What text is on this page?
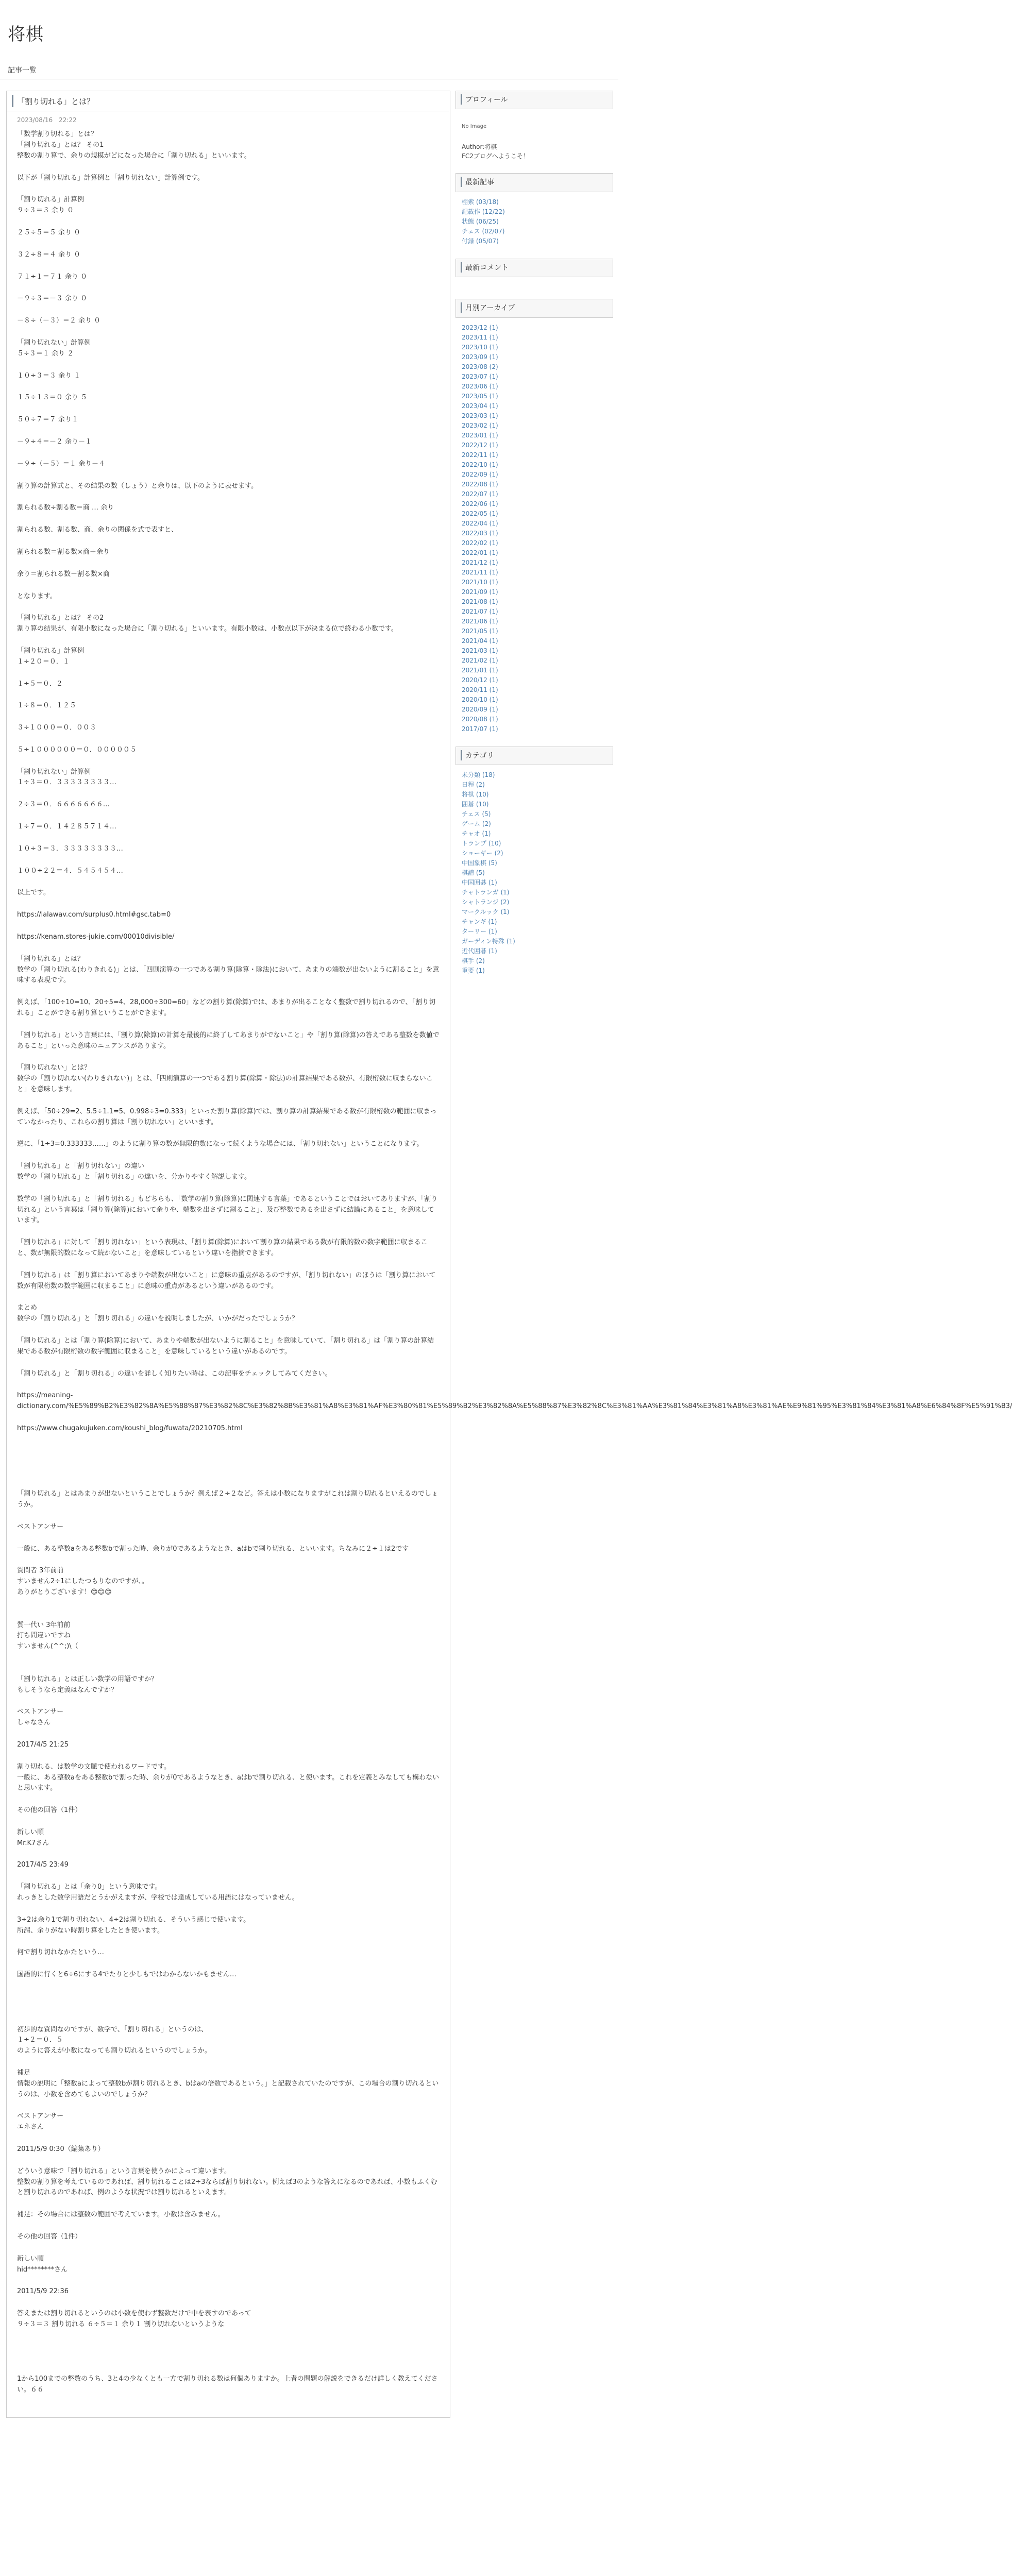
将棋
記事一覧
「割り切れる」とは？
2023/08/16　22:22

「数学割り切れる」とは？
「割り切れる」とは？ その1
整数の割り算で、余りの規模がどになった場合に「割り切れる」といいます。

以下が「割り切れる」計算例と「割り切れない」計算例です。

「割り切れる」計算例
９÷３＝３ 余り ０

２５÷５＝５ 余り ０

３２÷８＝４ 余り ０

７１÷１＝７１ 余り ０

－９÷３＝－３ 余り ０

－８÷（－３）＝２ 余り ０

「割り切れない」計算例
５÷３＝１ 余り ２

１０÷３＝３ 余り １

１５÷１３＝０ 余り ５

５０÷７＝７ 余り１

－９÷４＝－２ 余り－１

－９÷（－５）＝１ 余り－４

割り算の計算式と、その結果の数（しょう）と余りは、以下のように表せます。

割られる数÷割る数＝商 … 余り

割られる数、割る数、商、余りの関係を式で表すと、

割られる数＝割る数×商＋余り

余り＝割られる数－割る数×商

となります。

「割り切れる」とは？ その2
割り算の結果が、有限小数になった場合に「割り切れる」といいます。有限小数は、小数点以下が決まる位で終わる小数です。

「割り切れる」計算例
１÷２０＝０．１

１÷５＝０．２

１÷８＝０．１２５

３÷１０００＝０．００３

５÷１００００００＝０．０００００５

「割り切れない」計算例
１÷３＝０．３３３３３３３３…

２÷３＝０．６６６６６６６…

１÷７＝０．１４２８５７１４…

１０÷３＝３．３３３３３３３３…

１００÷２２＝４．５４５４５４…

以上です。

https://lalawav.com/surplus0.html#gsc.tab=0

https://kenam.stores-jukie.com/00010divisible/

「割り切れる」とは？
数学の「割り切れる(わりきれる)」とは、「四則演算の一つである割り算(除算・除法)において、あまりの端数が出ないように割ること」を意味する表現です。

例えば、「100÷10=10、20÷5=4、28,000÷300=60」などの割り算(除算)では、あまりが出ることなく整数で割り切れるので、「割り切れる」ことができる割り算ということができます。

「割り切れる」という言葉には、「割り算(除算)の計算を最後的に終了してあまりがでないこと」や「割り算(除算)の答えである整数を数値であること」といった意味のニュアンスがあります。

「割り切れない」とは？
数学の「割り切れない(わりきれない)」とは、「四則演算の一つである割り算(除算・除法)の計算結果である数が、有限桁数に収まらないこと」を意味します。

例えば、「50÷29=2、5.5÷1.1=5、0.998÷3=0.333」といった割り算(除算)では、割り算の計算結果である数が有限桁数の範囲に収まっていなかったり、これらの割り算は「割り切れない」といいます。

逆に、「1÷3=0.333333……」のように割り算の数が無限的数になって続くような場合には、「割り切れない」ということになります。

「割り切れる」と「割り切れない」の違い
数学の「割り切れる」と「割り切れる」の違いを、分かりやすく解説します。

数学の「割り切れる」と「割り切れる」もどちらも、「数学の割り算(除算)に関連する言葉」であるということではおいてありますが、「割り切れる」という言葉は「割り算(除算)において余りや、端数を出さずに割ること」、及び整数であるを出さずに結論にあること」を意味しています。

「割り切れる」に対して「割り切れない」という表現は、「割り算(除算)において割り算の結果である数が有限的数の数字範囲に収まること、数が無限的数になって続かないこと」を意味しているという違いを指摘できます。

「割り切れる」は「割り算においてあまりや端数が出ないこと」に意味の重点があるのですが、「割り切れない」のほうは「割り算において数が有限桁数の数字範囲に収まること」に意味の重点があるという違いがあるのです。

まとめ
数学の「割り切れる」と「割り切れる」の違いを説明しましたが、いかがだったでしょうか？

「割り切れる」とは「割り算(除算)において、あまりや端数が出ないように割ること」を意味していて、「割り切れる」は「割り算の計算結果である数が有限桁数の数字範囲に収まること」を意味しているという違いがあるのです。

「割り切れる」と「割り切れる」の違いを詳しく知りたい時は、この記事をチェックしてみてください。

https://meaning-dictionary.com/%E5%89%B2%E3%82%8A%E5%88%87%E3%82%8C%E3%82%8B%E3%81%A8%E3%81%AF%E3%80%81%E5%89%B2%E3%82%8A%E5%88%87%E3%82%8C%E3%81%AA%E3%81%84%E3%81%A8%E3%81%AE%E9%81%95%E3%81%84%E3%81%A8%E6%84%8F%E5%91%B3/

https://www.chugakujuken.com/koushi_blog/fuwata/20210705.html

「割り切れる」とはあまりが出ないということでしょうか？例えば２÷２など。答えは小数になりますがこれは割り切れるといえるのでしょうか。

ベストアンサー

一般に、ある整数aをある整数bで割った時、余りが0であるようなとき、aはbで割り切れる、といいます。ちなみに２÷１は2です

質問者 3年前前
すいません2÷1にしたつもりなのですが、。
ありがとうございます！😊😊😊

質一代い 3年前前
打ち間違いですね
すいません(^^;)\（

「割り切れる」とは正しい数学の用語ですか？
もしそうなら定義はなんですか？

ベストアンサー
しゃなさん

2017/4/5 21:25

割り切れる、は数学の文脈で使われるワードです。
一般に、ある整数aをある整数bで割った時、余りが0であるようなとき、aはbで割り切れる、と使います。これを定義とみなしても構わないと思います。

その他の回答（1件）

新しい順
Mr.K7さん

2017/4/5 23:49

「割り切れる」とは「余り0」という意味です。
れっきとした数学用語だとうかがえますが、学校では達成している用語にはなっていません。

3÷2は余り1で割り切れない、4÷2は割り切れる、そういう感じで使います。
所謂、余りがない時割り算をしたとき使います。

何で割り切れなかたという…

国語的に行くと6÷6にする4でたりと少しもではわからないかもません…

初歩的な質問なのですが、数学で、「割り切れる」というのは、
１÷２＝０．５
のように答えが小数になっても割り切れるというのでしょうか。

補足
情報の説明に「整数aによって整数bが割り切れるとき、bはaの倍数であるという。」と記載されていたのですが、この場合の割り切れるというのは、小数を含めてもよいのでしょうか？

ベストアンサー
エネさん

2011/5/9 0:30（編集あり）

どういう意味で「割り切れる」という言葉を使うかによって違います。
整数の割り算を考えているのであれば、割り切れることは2÷3ならば割り切れない。例えば3のような答えになるのであれば、小数もふくむと割り切れるのであれば、例のような状況では割り切れるといえます。

補足：その場合には整数の範囲で考えています。小数は含みません。

その他の回答（1件）

新しい順
hid********さん

2011/5/9 22:36

答えまたは割り切れるというのは小数を使わず整数だけで中を表すのであって
９÷３＝３ 割り切れる ６÷５＝１ 余り１ 割り切れないというような

1から100までの整数のうち、3と4の少なくとも一方で割り切れる数は何個ありますか。上者の問題の解説をできるだけ詳しく教えてください。６６

プロフィール
No Image
Author:将棋
FC2ブログへようこそ！
最新記事
棚索 (03/18)
記載作 (12/22)
状態 (06/25)
チェス (02/07)
付録 (05/07)
最新コメント
月別アーカイブ
2023/12 (1)
2023/11 (1)
2023/10 (1)
2023/09 (1)
2023/08 (2)
2023/07 (1)
2023/06 (1)
2023/05 (1)
2023/04 (1)
2023/03 (1)
2023/02 (1)
2023/01 (1)
2022/12 (1)
2022/11 (1)
2022/10 (1)
2022/09 (1)
2022/08 (1)
2022/07 (1)
2022/06 (1)
2022/05 (1)
2022/04 (1)
2022/03 (1)
2022/02 (1)
2022/01 (1)
2021/12 (1)
2021/11 (1)
2021/10 (1)
2021/09 (1)
2021/08 (1)
2021/07 (1)
2021/06 (1)
2021/05 (1)
2021/04 (1)
2021/03 (1)
2021/02 (1)
2021/01 (1)
2020/12 (1)
2020/11 (1)
2020/10 (1)
2020/09 (1)
2020/08 (1)
2017/07 (1)
カテゴリ
未分類 (18)
日程 (2)
将棋 (10)
囲碁 (10)
チェス (5)
ゲーム (2)
チャオ (1)
トランプ (10)
ショーギー (2)
中国象棋 (5)
棋譜 (5)
中国囲碁 (1)
チャトランガ (1)
シャトランジ (2)
マークルック (1)
チャンギ (1)
ターリー (1)
ガーディン特殊 (1)
近代囲碁 (1)
棋手 (2)
重要 (1)
